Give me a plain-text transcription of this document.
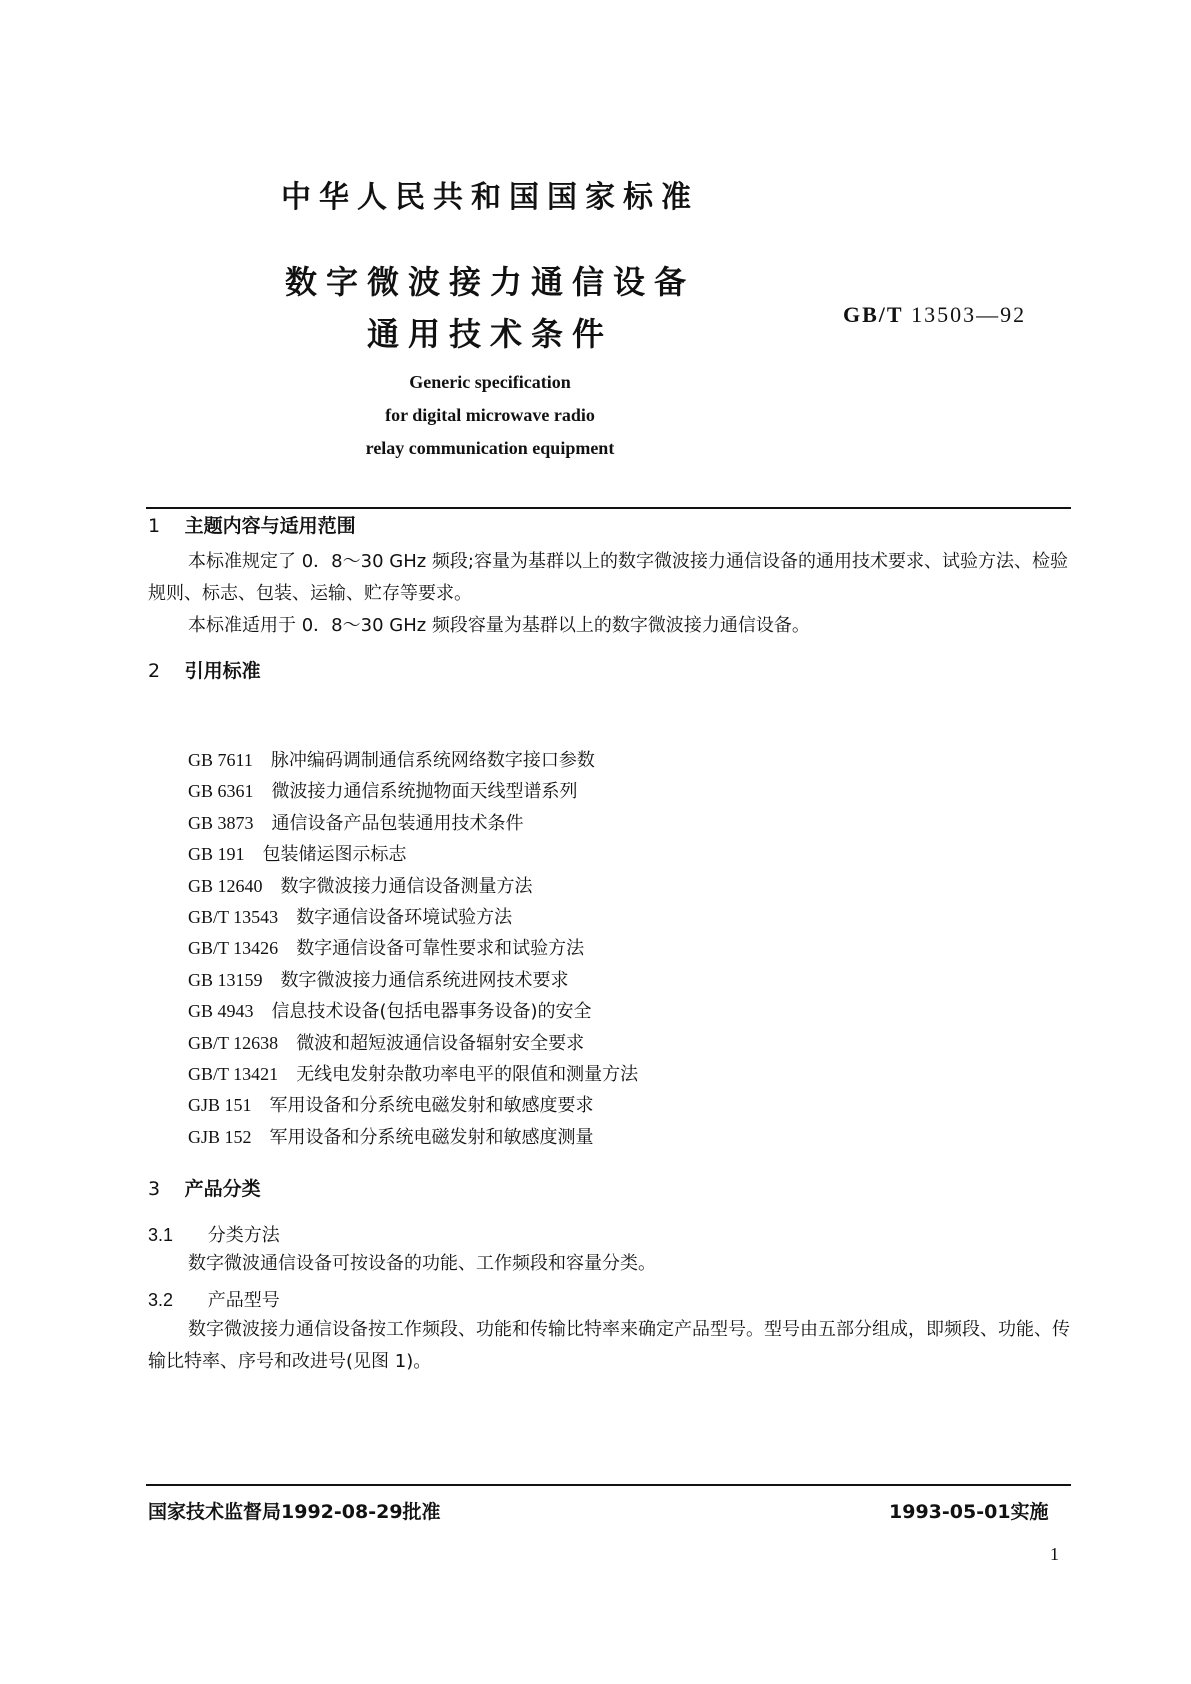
中华人民共和国国家标准

数字微波接力通信设备

通用技术条件

GB/T 13503—92
Generic specification
for digital microwave radio
relay communication equipment
1 主题内容与适用范围
本标准规定了 0．8～30 GHz 频段;容量为基群以上的数字微波接力通信设备的通用技术要求、试验方法、检验规则、标志、包装、运输、贮存等要求。
本标准适用于 0．8～30 GHz 频段容量为基群以上的数字微波接力通信设备。
2 引用标准
GB 7611 脉冲编码调制通信系统网络数字接口参数
GB 6361 微波接力通信系统抛物面天线型谱系列
GB 3873 通信设备产品包装通用技术条件
GB 191 包装储运图示标志
GB 12640 数字微波接力通信设备测量方法
GB/T 13543 数字通信设备环境试验方法
GB/T 13426 数字通信设备可靠性要求和试验方法
GB 13159 数字微波接力通信系统进网技术要求
GB 4943 信息技术设备(包括电器事务设备)的安全
GB/T 12638 微波和超短波通信设备辐射安全要求
GB/T 13421 无线电发射杂散功率电平的限值和测量方法
GJB 151 军用设备和分系统电磁发射和敏感度要求
GJB 152 军用设备和分系统电磁发射和敏感度测量
3 产品分类
3.1 分类方法
数字微波通信设备可按设备的功能、工作频段和容量分类。
3.2 产品型号
数字微波接力通信设备按工作频段、功能和传输比特率来确定产品型号。型号由五部分组成，即频段、功能、传输比特率、序号和改进号(见图 1)。
国家技术监督局1992-08-29批准	1993-05-01实施
1
